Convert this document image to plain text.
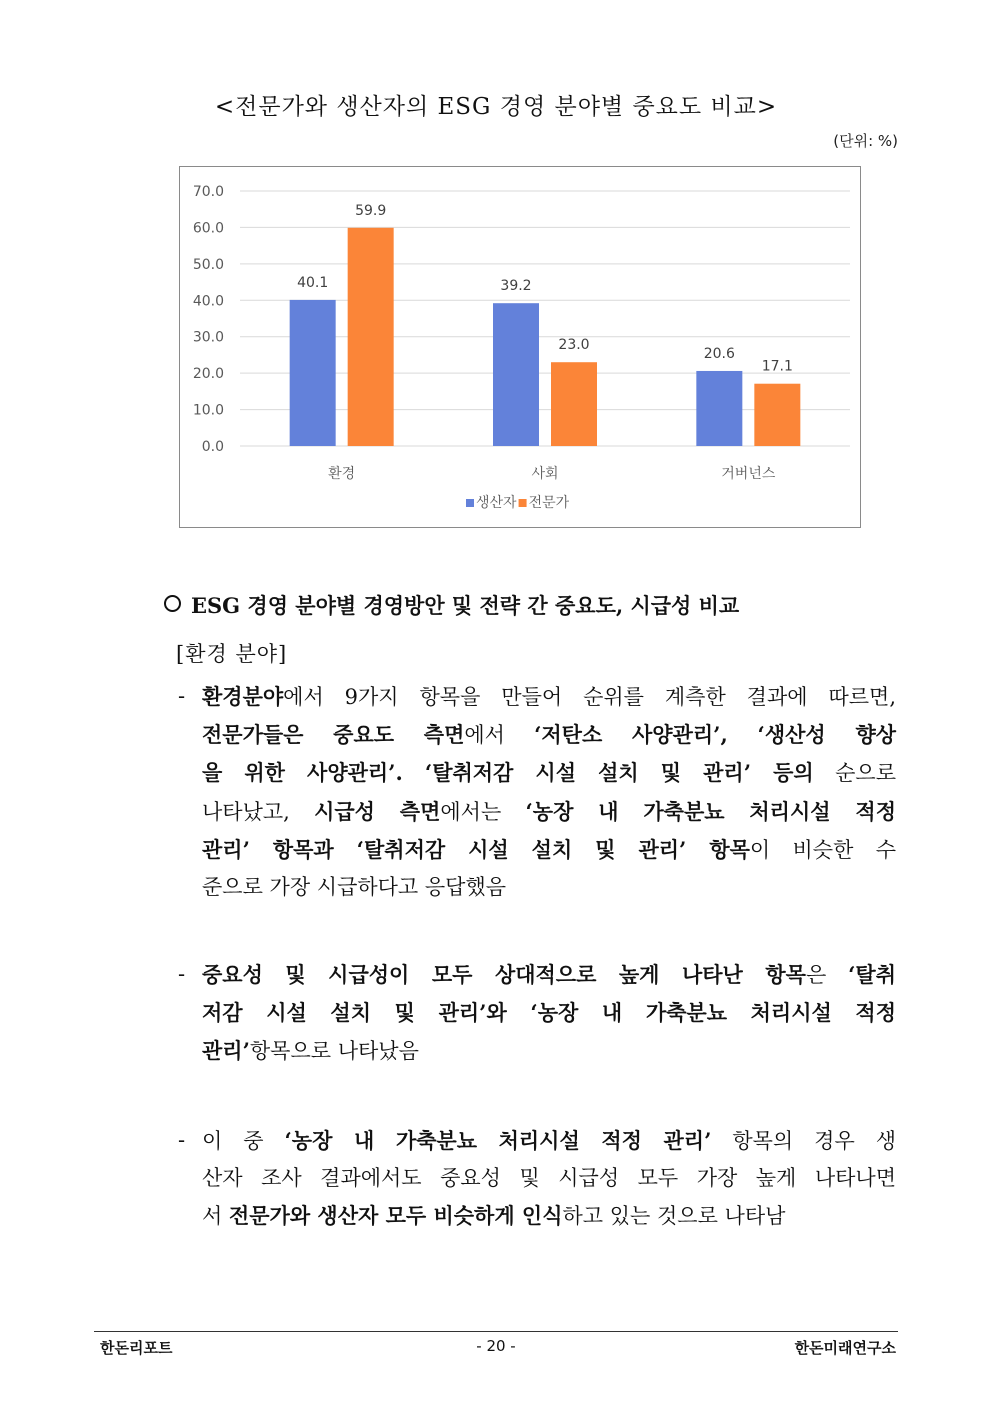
<전문가와 생산자의 ESG 경영 분야별 중요도 비교>
(단위: %)
0.0
10.0
20.0
30.0
40.0
50.0
60.0
70.0
40.1
59.9
환경
39.2
23.0
사회
20.6
17.1
거버넌스
생산자 전문가
ESG 경영 분야별 경영방안 및 전략 간 중요도, 시급성 비교
[환경 분야]
- 환경분야에서 9가지 항목을 만들어 순위를 계측한 결과에 따르면,
전문가들은 중요도 측면에서 ‘저탄소 사양관리’, ‘생산성 향상
을 위한 사양관리’. ‘탈취저감 시설 설치 및 관리’ 등의 순으로
나타났고, 시급성 측면에서는 ‘농장 내 가축분뇨 처리시설 적정
관리’ 항목과 ‘탈취저감 시설 설치 및 관리’ 항목이 비슷한 수
준으로 가장 시급하다고 응답했음
- 중요성 및 시급성이 모두 상대적으로 높게 나타난 항목은 ‘탈취
저감 시설 설치 및 관리’와 ‘농장 내 가축분뇨 처리시설 적정
관리’항목으로 나타났음
- 이 중 ‘농장 내 가축분뇨 처리시설 적정 관리’ 항목의 경우 생
산자 조사 결과에서도 중요성 및 시급성 모두 가장 높게 나타나면
서 전문가와 생산자 모두 비슷하게 인식하고 있는 것으로 나타남
한돈리포트	- 20 -	한돈미래연구소
